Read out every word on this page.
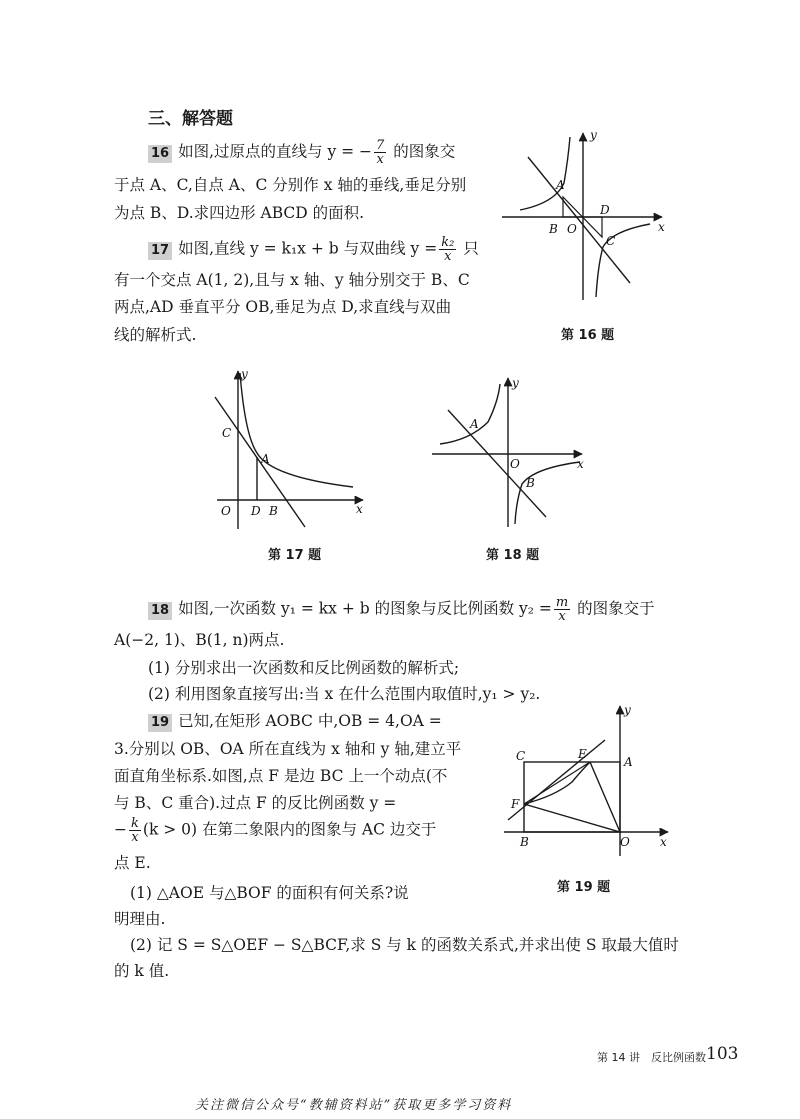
三、解答题
16 如图,过原点的直线与 y = − $\frac{7}{x}$ 的图象交
于点 A、C,自点 A、C 分别作 x 轴的垂线,垂足分别
为点 B、D.求四边形 ABCD 的面积.
17 如图,直线 y = k₁x + b 与双曲线 $y = \frac{\text{k₂}}{x}$ 只
有一个交点 A(1, 2),且与 x 轴、y 轴分别交于 B、C
两点,AD 垂直平分 OB,垂足为点 D,求直线与双曲
线的解析式.
A
B O
D
C
y
x
第 16 题
C
A
O D B
y
x
第 17 题
A
O
B
y
x
第 18 题
18 如图,一次函数 y₁ = kx + b 的图象与反比例函数 $y_2 = \frac{m}{x}$ 的图象交于
A(−2, 1)、B(1, n)两点.
(1) 分别求出一次函数和反比例函数的解析式;
(2) 利用图象直接写出:当 x 在什么范围内取值时,y₁ > y₂.
19 已知,在矩形 AOBC 中,OB = 4,OA =
3.分别以 OB、OA 所在直线为 x 轴和 y 轴,建立平
面直角坐标系.如图,点 F 是边 BC 上一个动点(不
与 B、C 重合).过点 F 的反比例函数 y =
− $\frac{k}{x} (k > 0)$ 在第二象限内的图象与 AC 边交于
点 E.
(1) △AOE 与△BOF 的面积有何关系?说
明理由.
(2) 记 S = S△OEF − S△BCF,求 S 与 k 的函数关系式,并求出使 S 取最大值时
的 k 值.
C	E
A
F
B	O
y
x
第 19 题
第 14 讲　反比例函数 103
关注微信公众号“教辅资料站”获取更多学习资料
